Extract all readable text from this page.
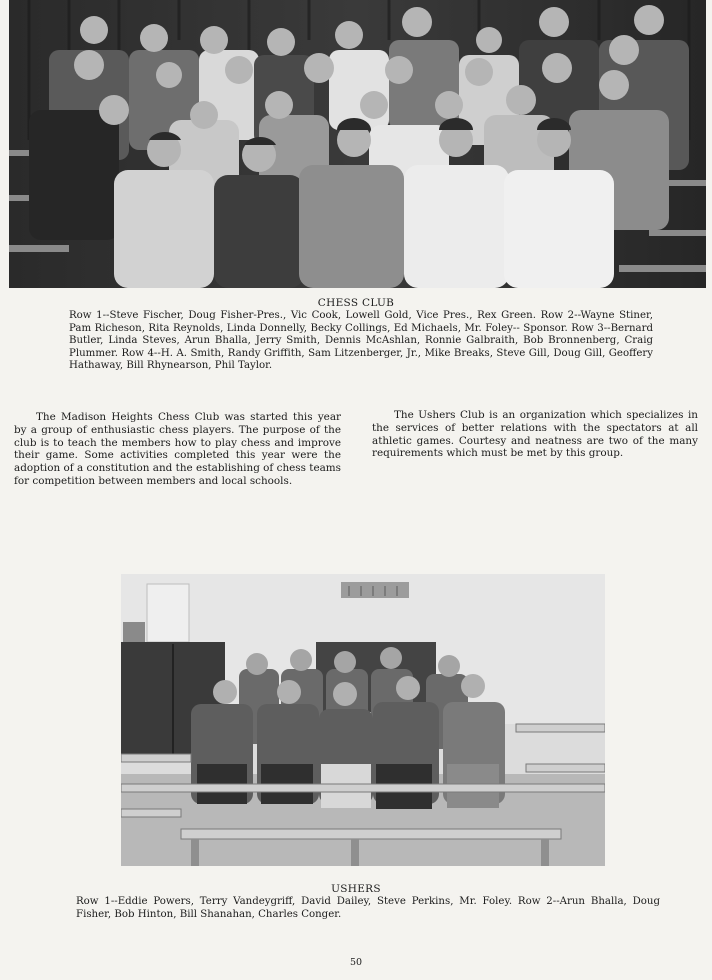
CHESS CLUB
Row 1--Steve Fischer, Doug Fisher-Pres., Vic Cook, Lowell Gold, Vice Pres., Rex Green. Row 2--Wayne Stiner, Pam Richeson, Rita Reynolds, Linda Donnelly, Becky Collings, Ed Michaels, Mr. Foley-- Sponsor. Row 3--Bernard Butler, Linda Steves, Arun Bhalla, Jerry Smith, Dennis McAshlan, Ronnie Galbraith, Bob Bronnenberg, Craig Plummer. Row 4--H. A. Smith, Randy Griffith, Sam Litzenberger, Jr., Mike Breaks, Steve Gill, Doug Gill, Geoffery Hathaway, Bill Rhynearson, Phil Taylor.

The Madison Heights Chess Club was started this year by a group of enthusiastic chess players. The purpose of the club is to teach the members how to play chess and improve their game. Some activities completed this year were the adoption of a constitution and the establishing of chess teams for competition between members and local schools.

The Ushers Club is an organization which specializes in the services of better relations with the spectators at all athletic games. Courtesy and neatness are two of the many requirements which must be met by this group.

USHERS
Row 1--Eddie Powers, Terry Vandeygriff, David Dailey, Steve Perkins, Mr. Foley. Row 2--Arun Bhalla, Doug Fisher, Bob Hinton, Bill Shanahan, Charles Conger.
50
